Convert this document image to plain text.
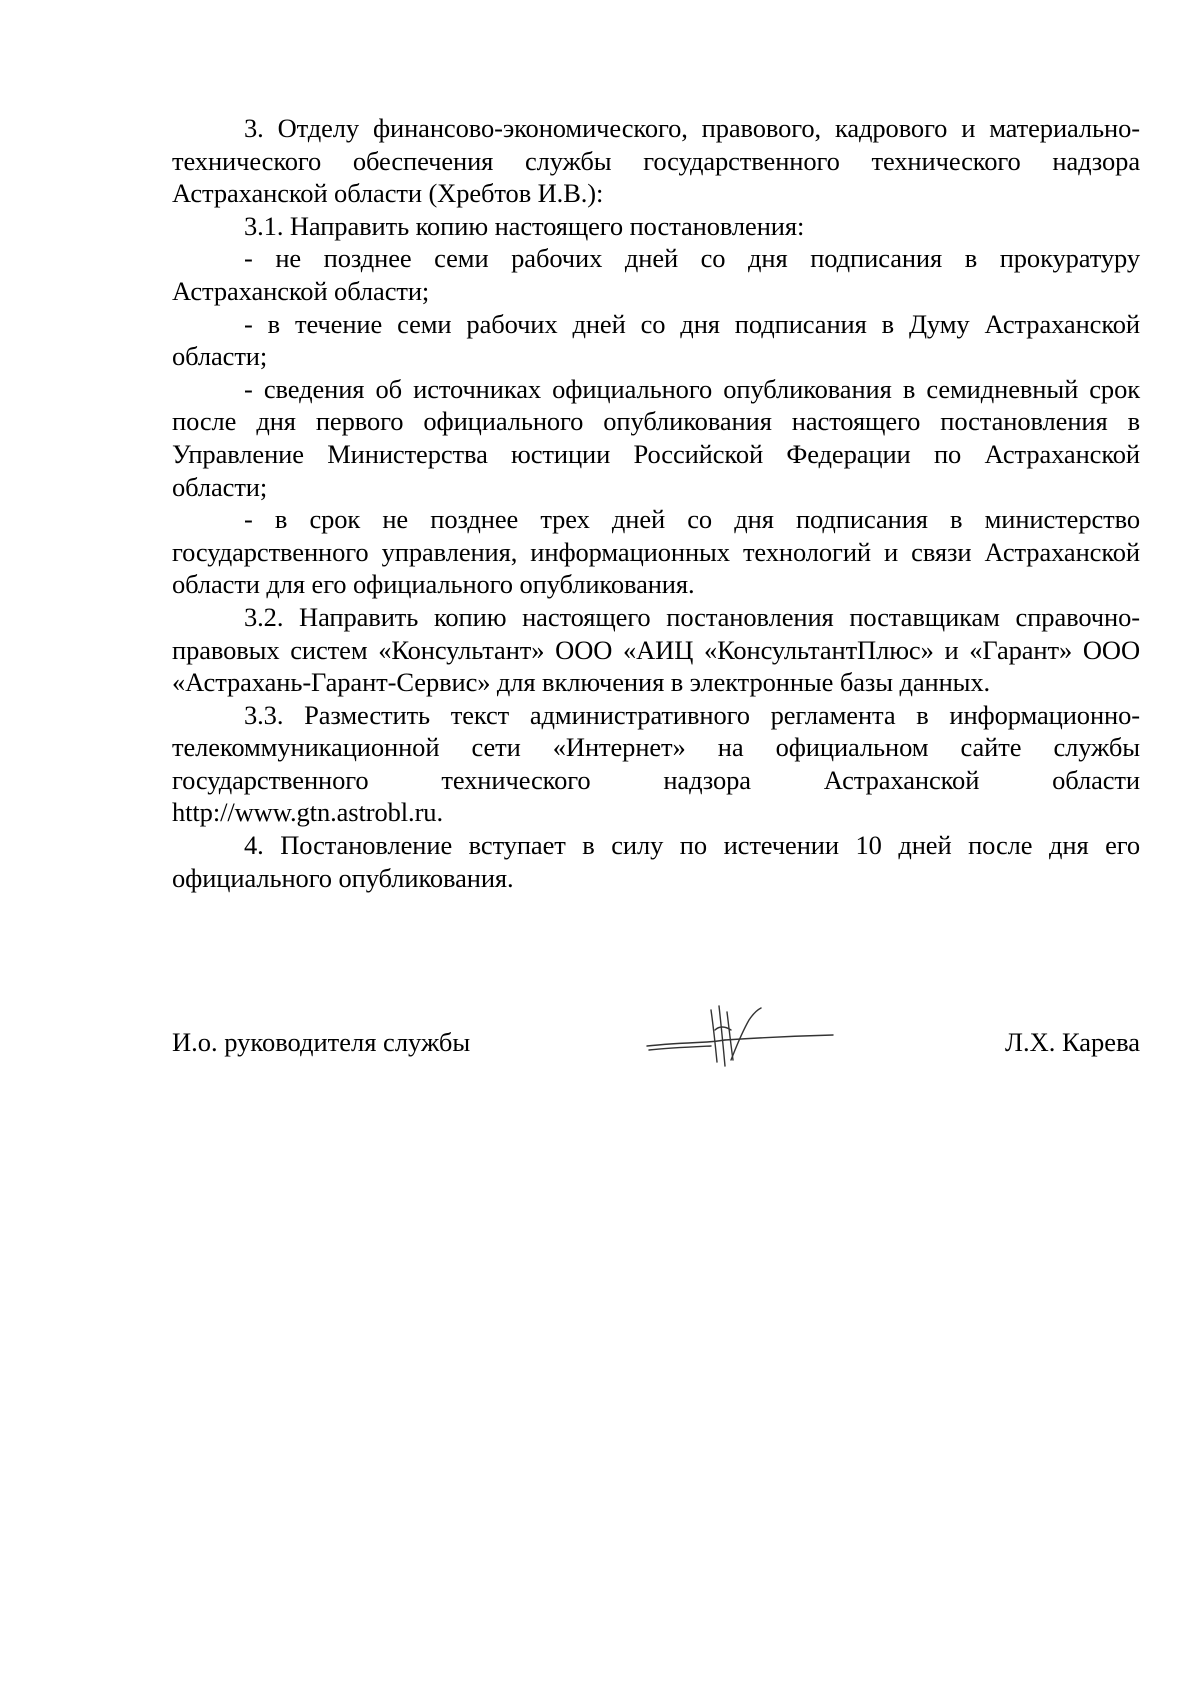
3. Отделу финансово-экономического, правового, кадрового и материально-технического обеспечения службы государственного технического надзора Астраханской области (Хребтов И.В.):

3.1. Направить копию настоящего постановления:

- не позднее семи рабочих дней со дня подписания в прокуратуру Астраханской области;

- в течение семи рабочих дней со дня подписания в Думу Астраханской области;

- сведения об источниках официального опубликования в семидневный срок после дня первого официального опубликования настоящего постановления в Управление Министерства юстиции Российской Федерации по Астраханской области;

- в срок не позднее трех дней со дня подписания в министерство государственного управления, информационных технологий и связи Астраханской области для его официального опубликования.

3.2. Направить копию настоящего постановления поставщикам справочно-правовых систем «Консультант» ООО «АИЦ «КонсультантПлюс» и «Гарант» ООО «Астрахань-Гарант-Сервис» для включения в электронные базы данных.

3.3. Разместить текст административного регламента в информационно-телекоммуникационной сети «Интернет» на официальном сайте службы государственного технического надзора Астраханской области http://www.gtn.astrobl.ru.

4. Постановление вступает в силу по истечении 10 дней после дня его официального опубликования.

И.о. руководителя службы	Л.Х. Карева
